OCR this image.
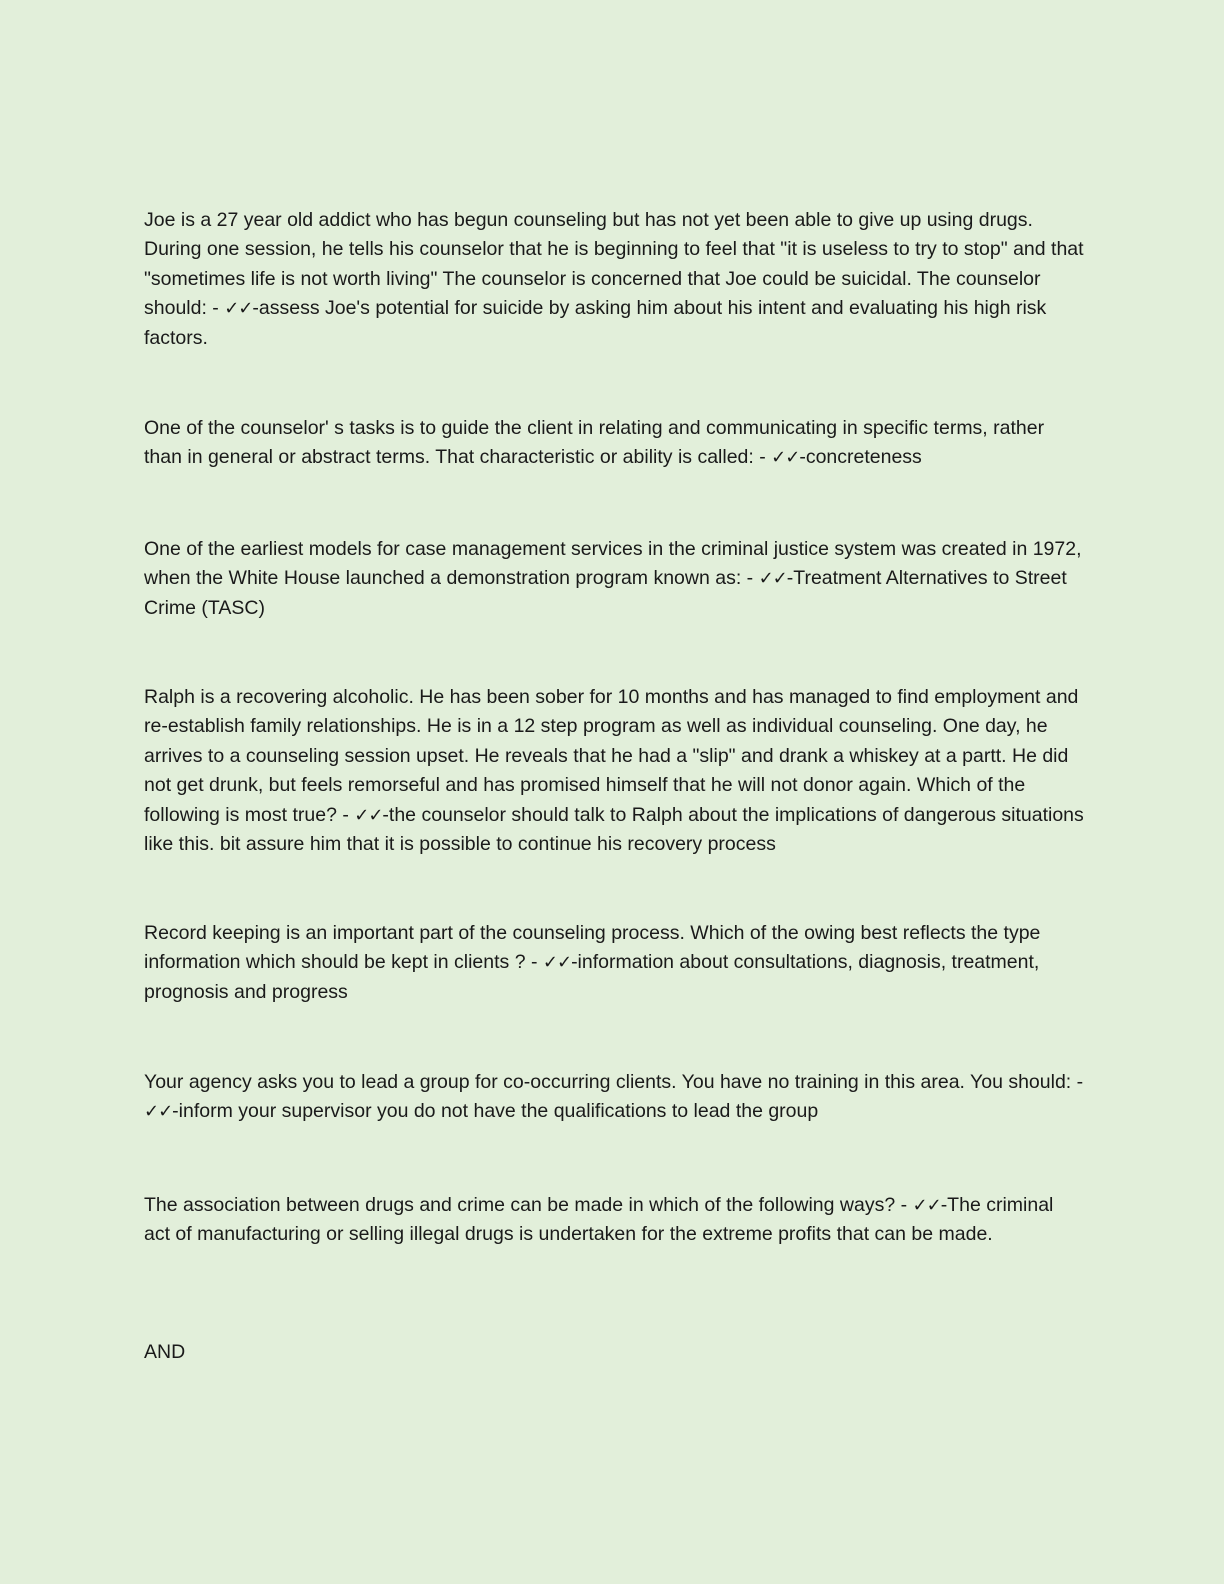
Joe is a 27 year old addict who has begun counseling but has not yet been able to give up using drugs. During one session, he tells his counselor that he is beginning to feel that "it is useless to try to stop" and that "sometimes life is not worth living" The counselor is concerned that Joe could be suicidal. The counselor should: - ✓✓-assess Joe's potential for suicide by asking him about his intent and evaluating his high risk factors.

One of the counselor' s tasks is to guide the client in relating and communicating in specific terms, rather than in general or abstract terms. That characteristic or ability is called: - ✓✓-concreteness

One of the earliest models for case management services in the criminal justice system was created in 1972, when the White House launched a demonstration program known as: - ✓✓-Treatment Alternatives to Street Crime (TASC)

Ralph is a recovering alcoholic. He has been sober for 10 months and has managed to find employment and re-establish family relationships. He is in a 12 step program as well as individual counseling. One day, he arrives to a counseling session upset. He reveals that he had a "slip" and drank a whiskey at a partt. He did not get drunk, but feels remorseful and has promised himself that he will not donor again. Which of the following is most true? - ✓✓-the counselor should talk to Ralph about the implications of dangerous situations like this. bit assure him that it is possible to continue his recovery process

Record keeping is an important part of the counseling process. Which of the owing best reflects the type information which should be kept in clients ? - ✓✓-information about consultations, diagnosis, treatment, prognosis and progress

Your agency asks you to lead a group for co-occurring clients. You have no training in this area. You should: - ✓✓-inform your supervisor you do not have the qualifications to lead the group

The association between drugs and crime can be made in which of the following ways? - ✓✓-The criminal act of manufacturing or selling illegal drugs is undertaken for the extreme profits that can be made.

AND
